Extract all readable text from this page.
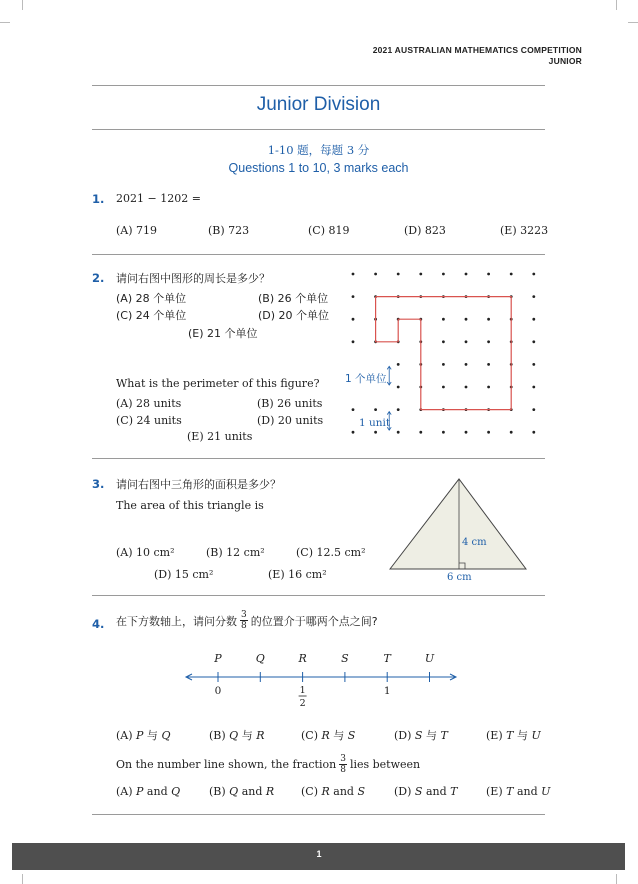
2021 AUSTRALIAN MATHEMATICS COMPETITION
JUNIOR
Junior Division
1-10 题，每题 3 分
Questions 1 to 10, 3 marks each
1. 2021 − 1202 =
(A) 719	(B) 723	(C) 819	(D) 823	(E) 3223
2. 请问右图中图形的周长是多少？
(A) 28 个单位	(B) 26 个单位
(C) 24 个单位	(D) 20 个单位
(E) 21 个单位
What is the perimeter of this figure?
(A) 28 units	(B) 26 units
(C) 24 units	(D) 20 units
(E) 21 units
1 个单位
1 unit
3. 请问右图中三角形的面积是多少？
The area of this triangle is
(A) 10 cm²	(B) 12 cm²	(C) 12.5 cm²
(D) 15 cm²	(E) 16 cm²
4 cm
6 cm
4. 在下方数轴上，请问分数 $\frac{3}{8}$ 的位置介于哪两个点之间?
P	Q	R	S	T	U
0	1
2
1
(A) P 与 Q	(B) Q 与 R	(C) R 与 S	(D) S 与 T	(E) T 与 U
On the number line shown, the fraction $\frac{3}{8}$ lies between
(A) P and Q	(B) Q and R (C) R and S	(D) S and T	(E) T and U
1
